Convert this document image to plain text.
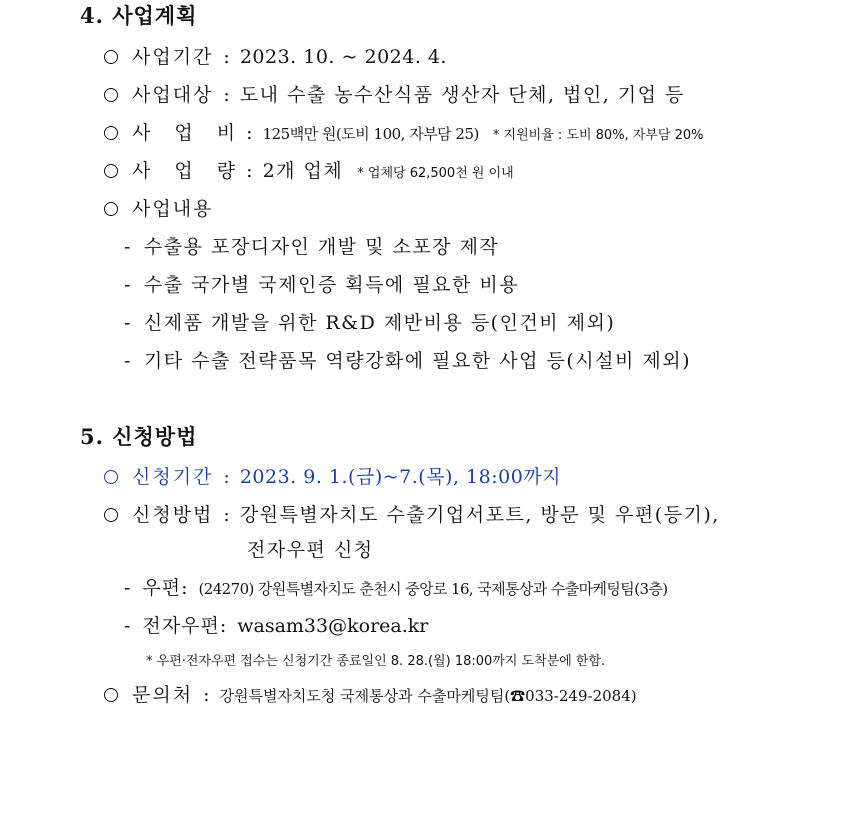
4. 사업계획
사업기간 : 2023. 10. ~ 2024. 4.
사업대상 : 도내 수출 농수산식품 생산자 단체, 법인, 기업 등
사 업 비 : 125백만 원(도비 100, 자부담 25) * 지원비율 : 도비 80%, 자부담 20%
사 업 량 : 2개 업체 * 업체당 62,500천 원 이내
사업내용
- 수출용 포장디자인 개발 및 소포장 제작
- 수출 국가별 국제인증 획득에 필요한 비용
- 신제품 개발을 위한 R&D 제반비용 등(인건비 제외)
- 기타 수출 전략품목 역량강화에 필요한 사업 등(시설비 제외)
5. 신청방법
신청기간 : 2023. 9. 1.(금)~7.(목), 18:00까지
신청방법 : 강원특별자치도 수출기업서포트, 방문 및 우편(등기),
전자우편 신청
- 우편: (24270) 강원특별자치도 춘천시 중앙로 16, 국제통상과 수출마케팅팀(3층)
- 전자우편: wasam33@korea.kr
* 우편·전자우편 접수는 신청기간 종료일인 8. 28.(월) 18:00까지 도착분에 한함.
문의처 : 강원특별자치도청 국제통상과 수출마케팅팀(☎033-249-2084)
